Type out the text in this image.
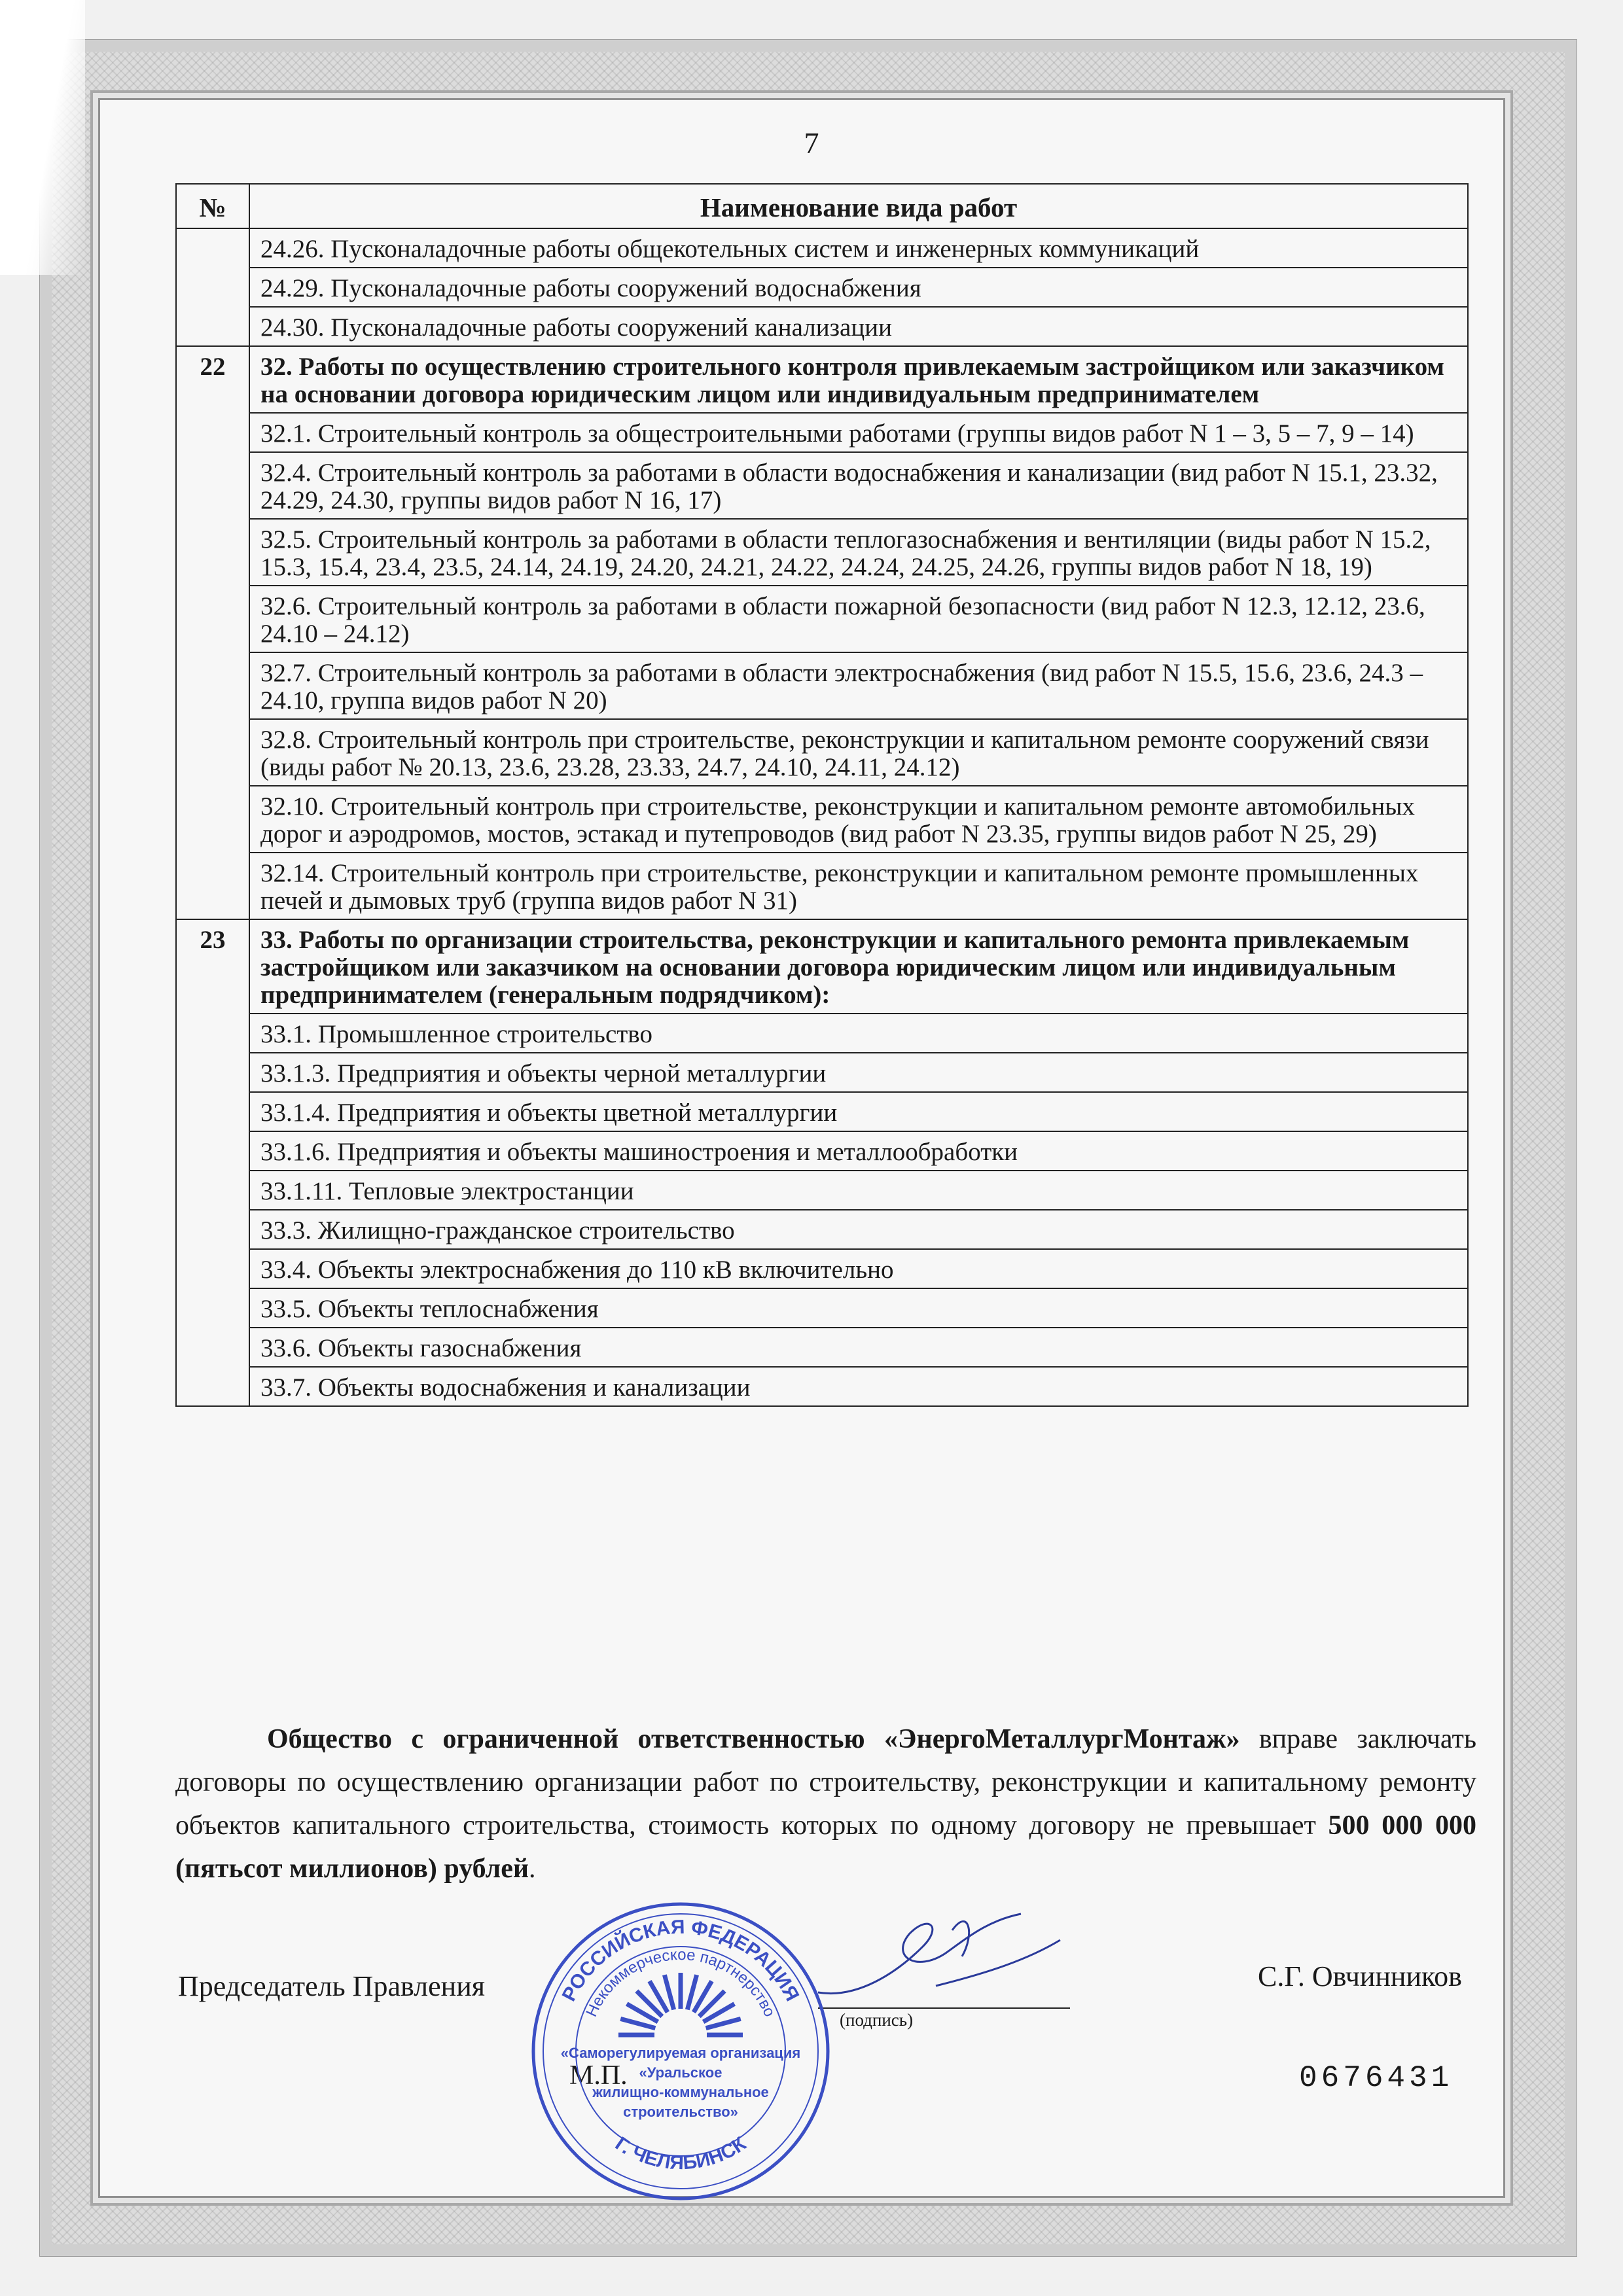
7
№	Наименование вида работ
	24.26. Пусконаладочные работы общекотельных систем и инженерных коммуникаций
	24.29. Пусконаладочные работы сооружений водоснабжения
	24.30. Пусконаладочные работы сооружений канализации
22	32. Работы по осуществлению строительного контроля привлекаемым застройщиком или заказчиком на основании договора юридическим лицом или индивидуальным предпринимателем
	32.1. Строительный контроль за общестроительными работами (группы видов работ N 1 – 3, 5 – 7, 9 – 14)
	32.4. Строительный контроль за работами в области водоснабжения и канализации (вид работ N 15.1, 23.32, 24.29, 24.30, группы видов работ N 16, 17)
	32.5. Строительный контроль за работами в области теплогазоснабжения и вентиляции (виды работ N 15.2, 15.3, 15.4, 23.4, 23.5, 24.14, 24.19, 24.20, 24.21, 24.22, 24.24, 24.25, 24.26, группы видов работ N 18, 19)
	32.6. Строительный контроль за работами в области пожарной безопасности (вид работ N 12.3, 12.12, 23.6, 24.10 – 24.12)
	32.7. Строительный контроль за работами в области электроснабжения (вид работ N 15.5, 15.6, 23.6, 24.3 – 24.10, группа видов работ N 20)
	32.8. Строительный контроль при строительстве, реконструкции и капитальном ремонте сооружений связи (виды работ № 20.13, 23.6, 23.28, 23.33, 24.7, 24.10, 24.11, 24.12)
	32.10. Строительный контроль при строительстве, реконструкции и капитальном ремонте автомобильных дорог и аэродромов, мостов, эстакад и путепроводов (вид работ N 23.35, группы видов работ N 25, 29)
	32.14. Строительный контроль при строительстве, реконструкции и капитальном ремонте промышленных печей и дымовых труб (группа видов работ N 31)
23	33. Работы по организации строительства, реконструкции и капитального ремонта привлекаемым застройщиком или заказчиком на основании договора юридическим лицом или индивидуальным предпринимателем (генеральным подрядчиком):
	33.1. Промышленное строительство
	33.1.3. Предприятия и объекты черной металлургии
	33.1.4. Предприятия и объекты цветной металлургии
	33.1.6. Предприятия и объекты машиностроения и металлообработки
	33.1.11. Тепловые электростанции
	33.3. Жилищно-гражданское строительство
	33.4. Объекты электроснабжения до 110 кВ включительно
	33.5. Объекты теплоснабжения
	33.6. Объекты газоснабжения
	33.7. Объекты водоснабжения и канализации
Общество с ограниченной ответственностью «ЭнергоМеталлургМонтаж» вправе заключать договоры по осуществлению организации работ по строительству, реконструкции и капитальному ремонту объектов капитального строительства, стоимость которых по одному договору не превышает 500 000 000 (пятьсот миллионов) рублей.
Председатель Правления
(подпись)
С.Г. Овчинников
М.П.	0676431
РОССИЙСКАЯ ФЕДЕРАЦИЯ
Некоммерческое партнерство
Г. ЧЕЛЯБИНСК
«Саморегулируемая организация
«Уральское
жилищно-коммунальное
строительство»
